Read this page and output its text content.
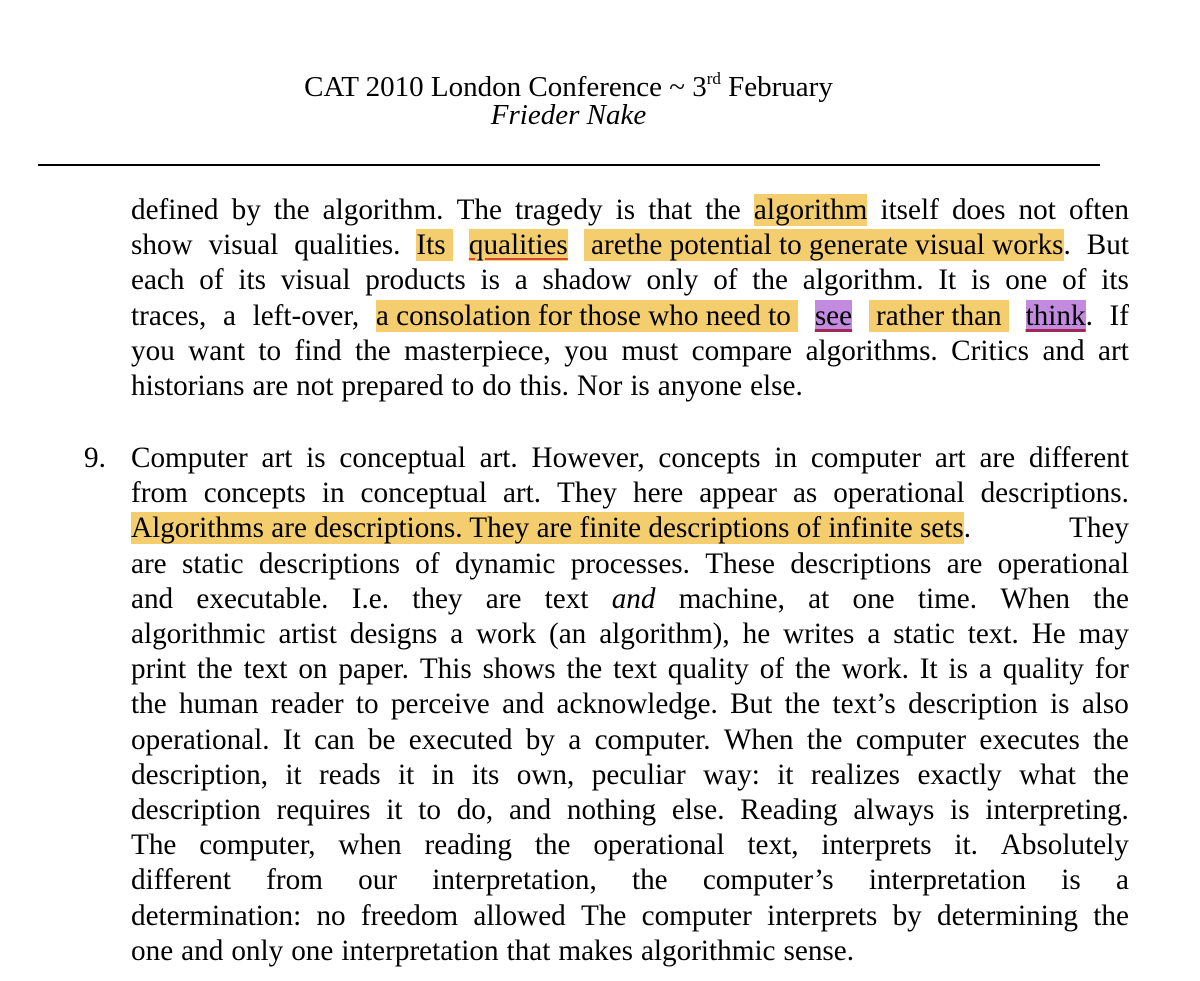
CAT 2010 London Conference ~ 3rd February
Frieder Nake
9.
defined by the algorithm. The tragedy is that the algorithm itself does not often
show visual qualities. Its qualities arethe potential to generate visual works. But
each of its visual products is a shadow only of the algorithm. It is one of its
traces, a left-over, a consolation for those who need to see rather than think. If
you want to find the masterpiece, you must compare algorithms. Critics and art
historians are not prepared to do this. Nor is anyone else.
Computer art is conceptual art. However, concepts in computer art are different
from concepts in conceptual art. They here appear as operational descriptions.
Algorithms are descriptions. They are finite descriptions of infinite sets.	They
are static descriptions of dynamic processes. These descriptions are operational
and executable. I.e. they are text and machine, at one time. When the
algorithmic artist designs a work (an algorithm), he writes a static text. He may
print the text on paper. This shows the text quality of the work. It is a quality for
the human reader to perceive and acknowledge. But the text’s description is also
operational. It can be executed by a computer. When the computer executes the
description, it reads it in its own, peculiar way: it realizes exactly what the
description requires it to do, and nothing else. Reading always is interpreting.
The computer, when reading the operational text, interprets it. Absolutely
different from our interpretation, the computer’s interpretation is a
determination: no freedom allowed The computer interprets by determining the
one and only one interpretation that makes algorithmic sense.
